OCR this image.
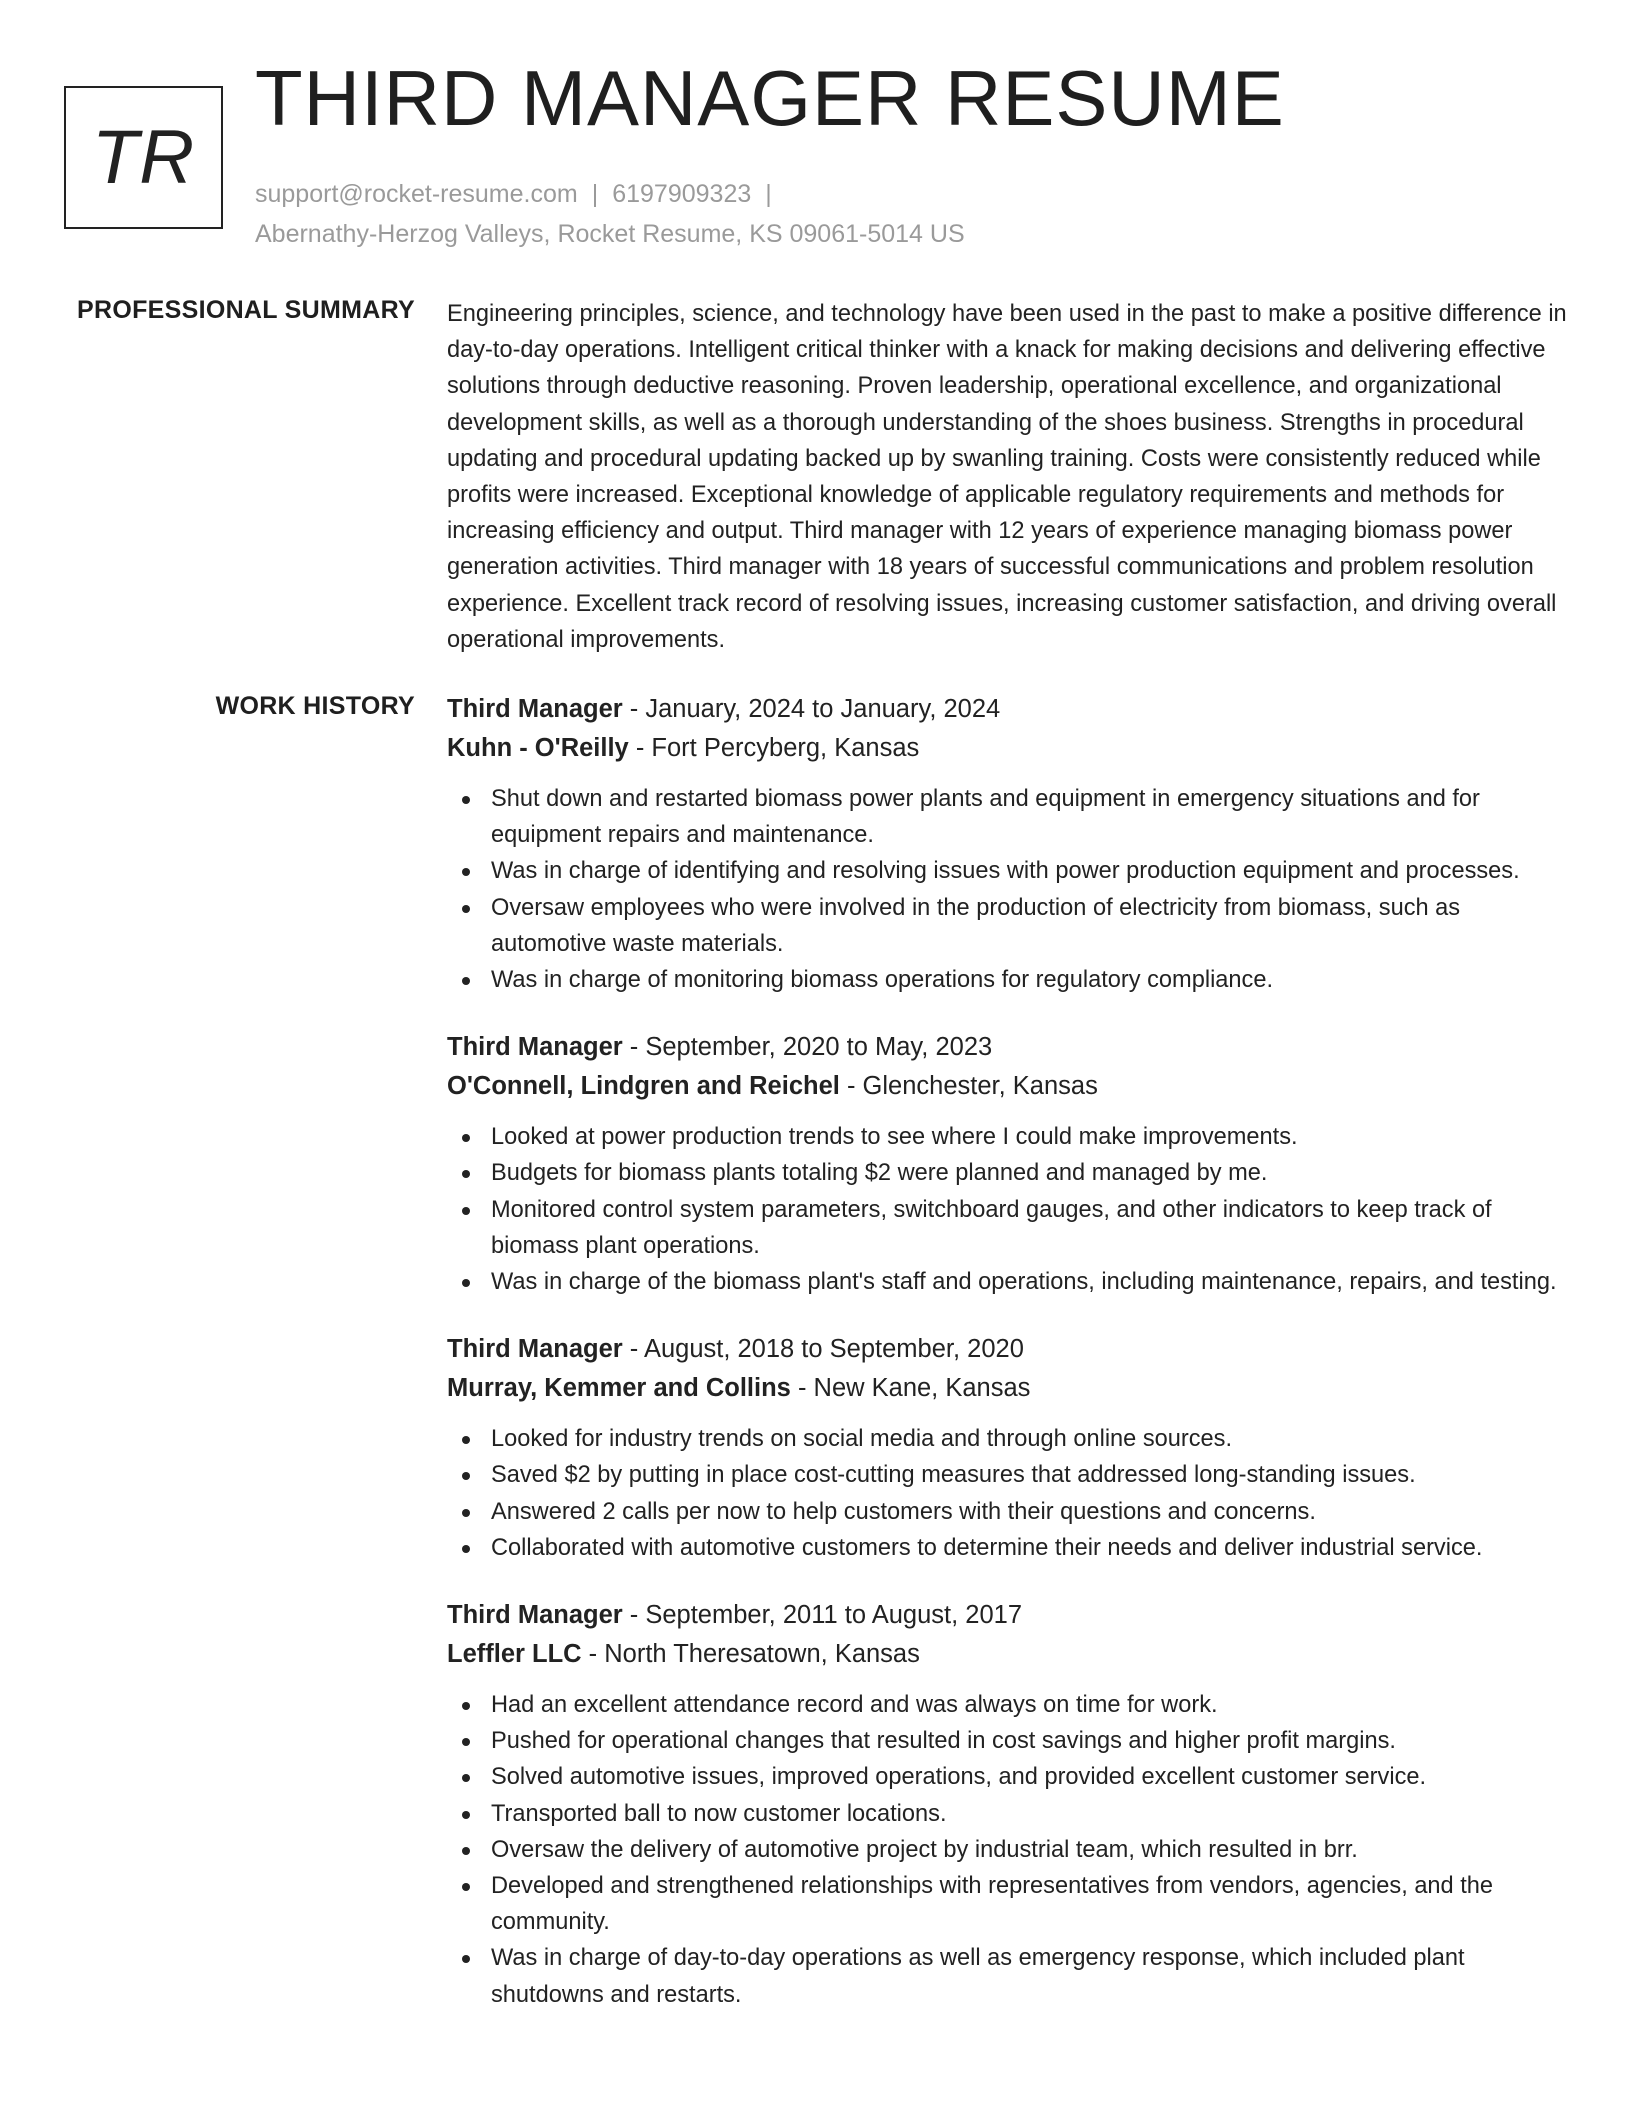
TR
THIRD MANAGER RESUME
support@rocket-resume.com | 6197909323 |
Abernathy-Herzog Valleys, Rocket Resume, KS 09061-5014 US
PROFESSIONAL SUMMARY Engineering principles, science, and technology have been used in the past to make a positive difference in day-to-day operations. Intelligent critical thinker with a knack for making decisions and delivering effective solutions through deductive reasoning. Proven leadership, operational excellence, and organizational development skills, as well as a thorough understanding of the shoes business. Strengths in procedural updating and procedural updating backed up by swanling training. Costs were consistently reduced while profits were increased. Exceptional knowledge of applicable regulatory requirements and methods for increasing efficiency and output. Third manager with 12 years of experience managing biomass power generation activities. Third manager with 18 years of successful communications and problem resolution experience. Excellent track record of resolving issues, increasing customer satisfaction, and driving overall operational improvements.

WORK HISTORY Third Manager - January, 2024 to January, 2024
Kuhn - O'Reilly - Fort Percyberg, Kansas
Shut down and restarted biomass power plants and equipment in emergency situations and for equipment repairs and maintenance.
Was in charge of identifying and resolving issues with power production equipment and processes.
Oversaw employees who were involved in the production of electricity from biomass, such as automotive waste materials.
Was in charge of monitoring biomass operations for regulatory compliance.
Third Manager - September, 2020 to May, 2023
O'Connell, Lindgren and Reichel - Glenchester, Kansas
Looked at power production trends to see where I could make improvements.
Budgets for biomass plants totaling $2 were planned and managed by me.
Monitored control system parameters, switchboard gauges, and other indicators to keep track of biomass plant operations.
Was in charge of the biomass plant's staff and operations, including maintenance, repairs, and testing.
Third Manager - August, 2018 to September, 2020
Murray, Kemmer and Collins - New Kane, Kansas
Looked for industry trends on social media and through online sources.
Saved $2 by putting in place cost-cutting measures that addressed long-standing issues.
Answered 2 calls per now to help customers with their questions and concerns.
Collaborated with automotive customers to determine their needs and deliver industrial service.
Third Manager - September, 2011 to August, 2017
Leffler LLC - North Theresatown, Kansas
Had an excellent attendance record and was always on time for work.
Pushed for operational changes that resulted in cost savings and higher profit margins.
Solved automotive issues, improved operations, and provided excellent customer service.
Transported ball to now customer locations.
Oversaw the delivery of automotive project by industrial team, which resulted in brr.
Developed and strengthened relationships with representatives from vendors, agencies, and the community.
Was in charge of day-to-day operations as well as emergency response, which included plant shutdowns and restarts.
